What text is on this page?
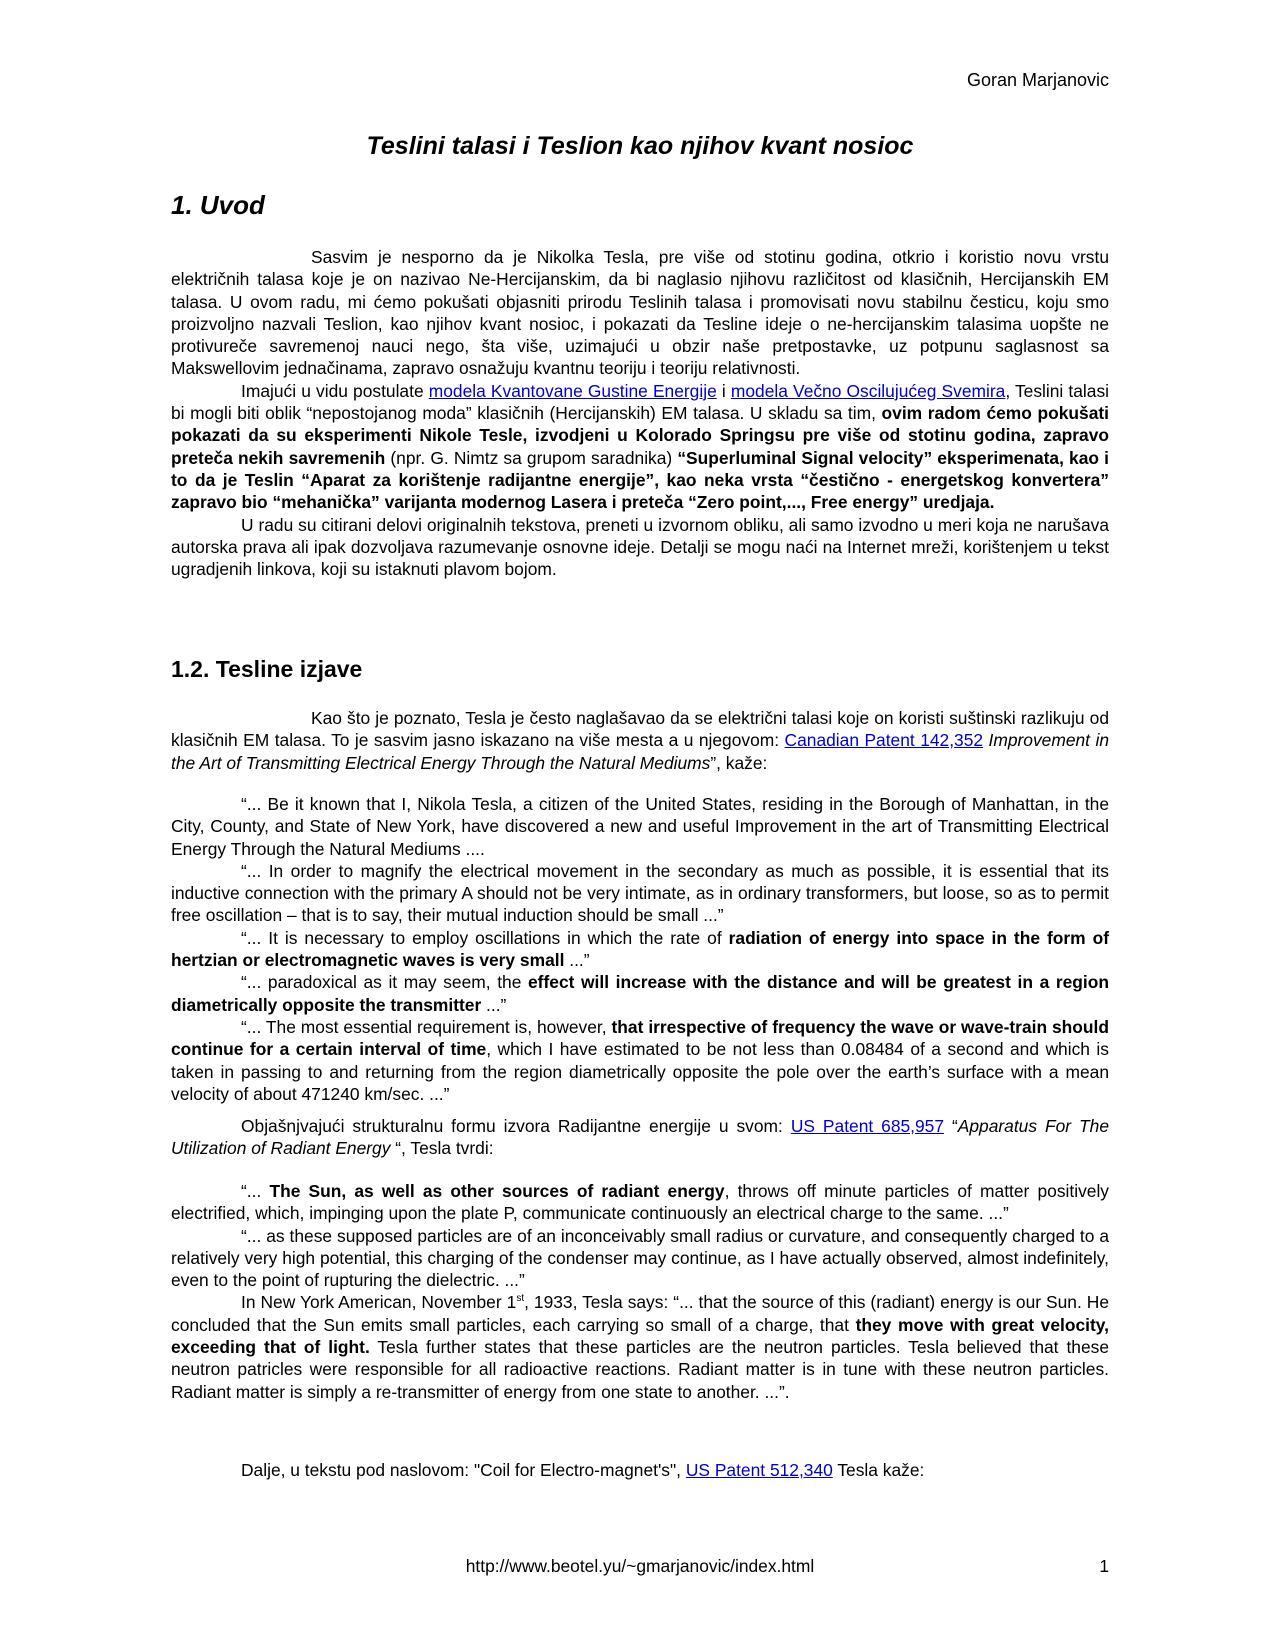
Goran Marjanovic
Teslini talasi i Teslion kao njihov kvant nosioc
1. Uvod

Sasvim je nesporno da je Nikolka Tesla, pre više od stotinu godina, otkrio i koristio novu vrstu električnih talasa koje je on nazivao Ne-Hercijanskim, da bi naglasio njihovu različitost od klasičnih, Hercijanskih EM talasa. U ovom radu, mi ćemo pokušati objasniti prirodu Teslinih talasa i promovisati novu stabilnu česticu, koju smo proizvoljno nazvali Teslion, kao njihov kvant nosioc, i pokazati da Tesline ideje o ne-hercijanskim talasima uopšte ne protivureče savremenoj nauci nego, šta više, uzimajući u obzir naše pretpostavke, uz potpunu saglasnost sa Makswellovim jednačinama, zapravo osnažuju kvantnu teoriju i teoriju relativnosti.

Imajući u vidu postulate modela Kvantovane Gustine Energije i modela Večno Oscilujućeg Svemira, Teslini talasi bi mogli biti oblik “nepostojanog moda” klasičnih (Hercijanskih) EM talasa. U skladu sa tim, ovim radom ćemo pokušati pokazati da su eksperimenti Nikole Tesle, izvodjeni u Kolorado Springsu pre više od stotinu godina, zapravo preteča nekih savremenih (npr. G. Nimtz sa grupom saradnika) “Superluminal Signal velocity” eksperimenata, kao i to da je Teslin “Aparat za korištenje radijantne energije”, kao neka vrsta “čestično - energetskog konvertera” zapravo bio “mehanička” varijanta modernog Lasera i preteča “Zero point,..., Free energy” uredjaja.

U radu su citirani delovi originalnih tekstova, preneti u izvornom obliku, ali samo izvodno u meri koja ne narušava autorska prava ali ipak dozvoljava razumevanje osnovne ideje. Detalji se mogu naći na Internet mreži, korištenjem u tekst ugradjenih linkova, koji su istaknuti plavom bojom.

1.2. Tesline izjave

Kao što je poznato, Tesla je često naglašavao da se električni talasi koje on koristi suštinski razlikuju od klasičnih EM talasa. To je sasvim jasno iskazano na više mesta a u njegovom: Canadian Patent 142,352 Improvement in the Art of Transmitting Electrical Energy Through the Natural Mediums”, kaže:

“... Be it known that I, Nikola Tesla, a citizen of the United States, residing in the Borough of Manhattan, in the City, County, and State of New York, have discovered a new and useful Improvement in the art of Transmitting Electrical Energy Through the Natural Mediums ....

“... In order to magnify the electrical movement in the secondary as much as possible, it is essential that its inductive connection with the primary A should not be very intimate, as in ordinary transformers, but loose, so as to permit free oscillation – that is to say, their mutual induction should be small ...”

“... It is necessary to employ oscillations in which the rate of radiation of energy into space in the form of hertzian or electromagnetic waves is very small ...”

“... paradoxical as it may seem, the effect will increase with the distance and will be greatest in a region diametrically opposite the transmitter ...”

“... The most essential requirement is, however, that irrespective of frequency the wave or wave-train should continue for a certain interval of time, which I have estimated to be not less than 0.08484 of a second and which is taken in passing to and returning from the region diametrically opposite the pole over the earth’s surface with a mean velocity of about 471240 km/sec. ...”

Objašnjvajući strukturalnu formu izvora Radijantne energije u svom: US Patent 685,957 “Apparatus For The Utilization of Radiant Energy “, Tesla tvrdi:

“... The Sun, as well as other sources of radiant energy, throws off minute particles of matter positively electrified, which, impinging upon the plate P, communicate continuously an electrical charge to the same. ...”

“... as these supposed particles are of an inconceivably small radius or curvature, and consequently charged to a relatively very high potential, this charging of the condenser may continue, as I have actually observed, almost indefinitely, even to the point of rupturing the dielectric. ...”

In New York American, November 1st, 1933, Tesla says: “... that the source of this (radiant) energy is our Sun. He concluded that the Sun emits small particles, each carrying so small of a charge, that they move with great velocity, exceeding that of light. Tesla further states that these particles are the neutron particles. Tesla believed that these neutron patricles were responsible for all radioactive reactions. Radiant matter is in tune with these neutron particles. Radiant matter is simply a re-transmitter of energy from one state to another. ...”.

Dalje, u tekstu pod naslovom: "Coil for Electro-magnet's", US Patent 512,340 Tesla kaže:

http://www.beotel.yu/~gmarjanovic/index.html	1
